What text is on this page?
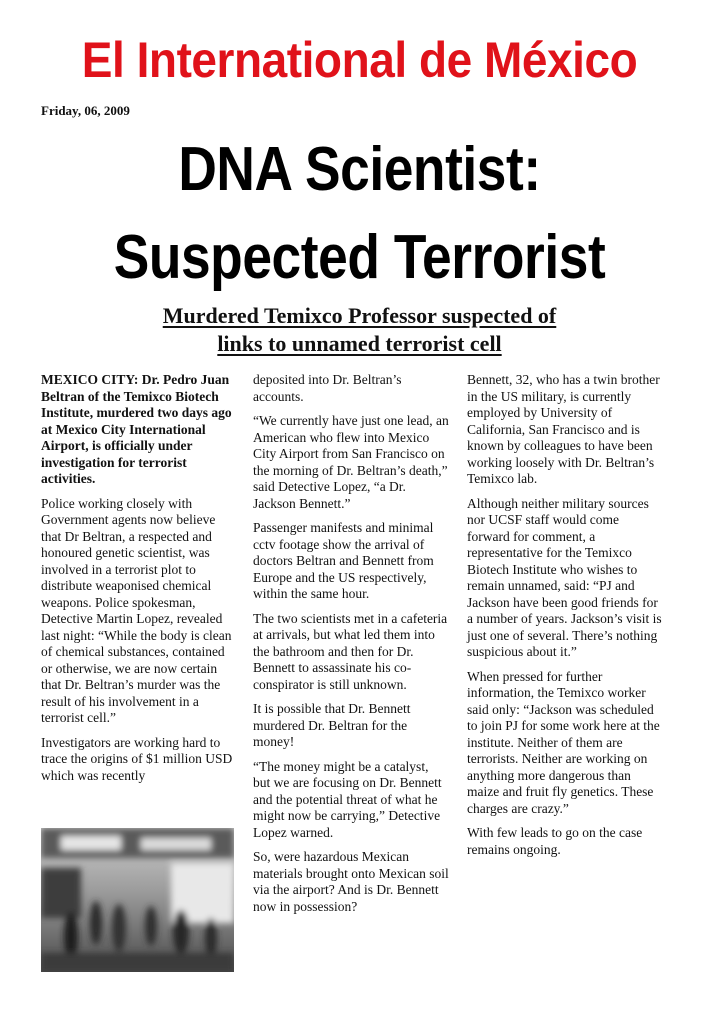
El International de México
Friday, 06, 2009
DNA Scientist:
Suspected Terrorist
Murdered Temixco Professor suspected of
links to unnamed terrorist cell

MEXICO CITY: Dr. Pedro Juan Beltran of the Temixco Biotech Institute, murdered two days ago at Mexico City International Airport, is officially under investigation for terrorist activities.

Police working closely with Government agents now believe that Dr Beltran, a respected and honoured genetic scientist, was involved in a terrorist plot to distribute weaponised chemical weapons. Police spokesman, Detective Martin Lopez, revealed last night: “While the body is clean of chemical substances, contained or otherwise, we are now certain that Dr. Beltran’s murder was the result of his involvement in a terrorist cell.”

Investigators are working hard to trace the origins of $1 million USD which was recently

deposited into Dr. Beltran’s accounts.

“We currently have just one lead, an American who flew into Mexico City Airport from San Francisco on the morning of Dr. Beltran’s death,” said Detective Lopez, “a Dr. Jackson Bennett.”

Passenger manifests and minimal cctv footage show the arrival of doctors Beltran and Bennett from Europe and the US respectively, within the same hour.

The two scientists met in a cafeteria at arrivals, but what led them into the bathroom and then for Dr. Bennett to assassinate his co-conspirator is still unknown.

It is possible that Dr. Bennett murdered Dr. Beltran for the money!

“The money might be a catalyst, but we are focusing on Dr. Bennett and the potential threat of what he might now be carrying,” Detective Lopez warned.

So, were hazardous Mexican materials brought onto Mexican soil via the airport? And is Dr. Bennett now in possession?

Bennett, 32, who has a twin brother in the US military, is currently employed by University of California, San Francisco and is known by colleagues to have been working loosely with Dr. Beltran’s Temixco lab.

Although neither military sources nor UCSF staff would come forward for comment, a representative for the Temixco Biotech Institute who wishes to remain unnamed, said: “PJ and Jackson have been good friends for a number of years. Jackson’s visit is just one of several. There’s nothing suspicious about it.”

When pressed for further information, the Temixco worker said only: “Jackson was scheduled to join PJ for some work here at the institute. Neither of them are terrorists. Neither are working on anything more dangerous than maize and fruit fly genetics. These charges are crazy.”

With few leads to go on the case remains ongoing.
